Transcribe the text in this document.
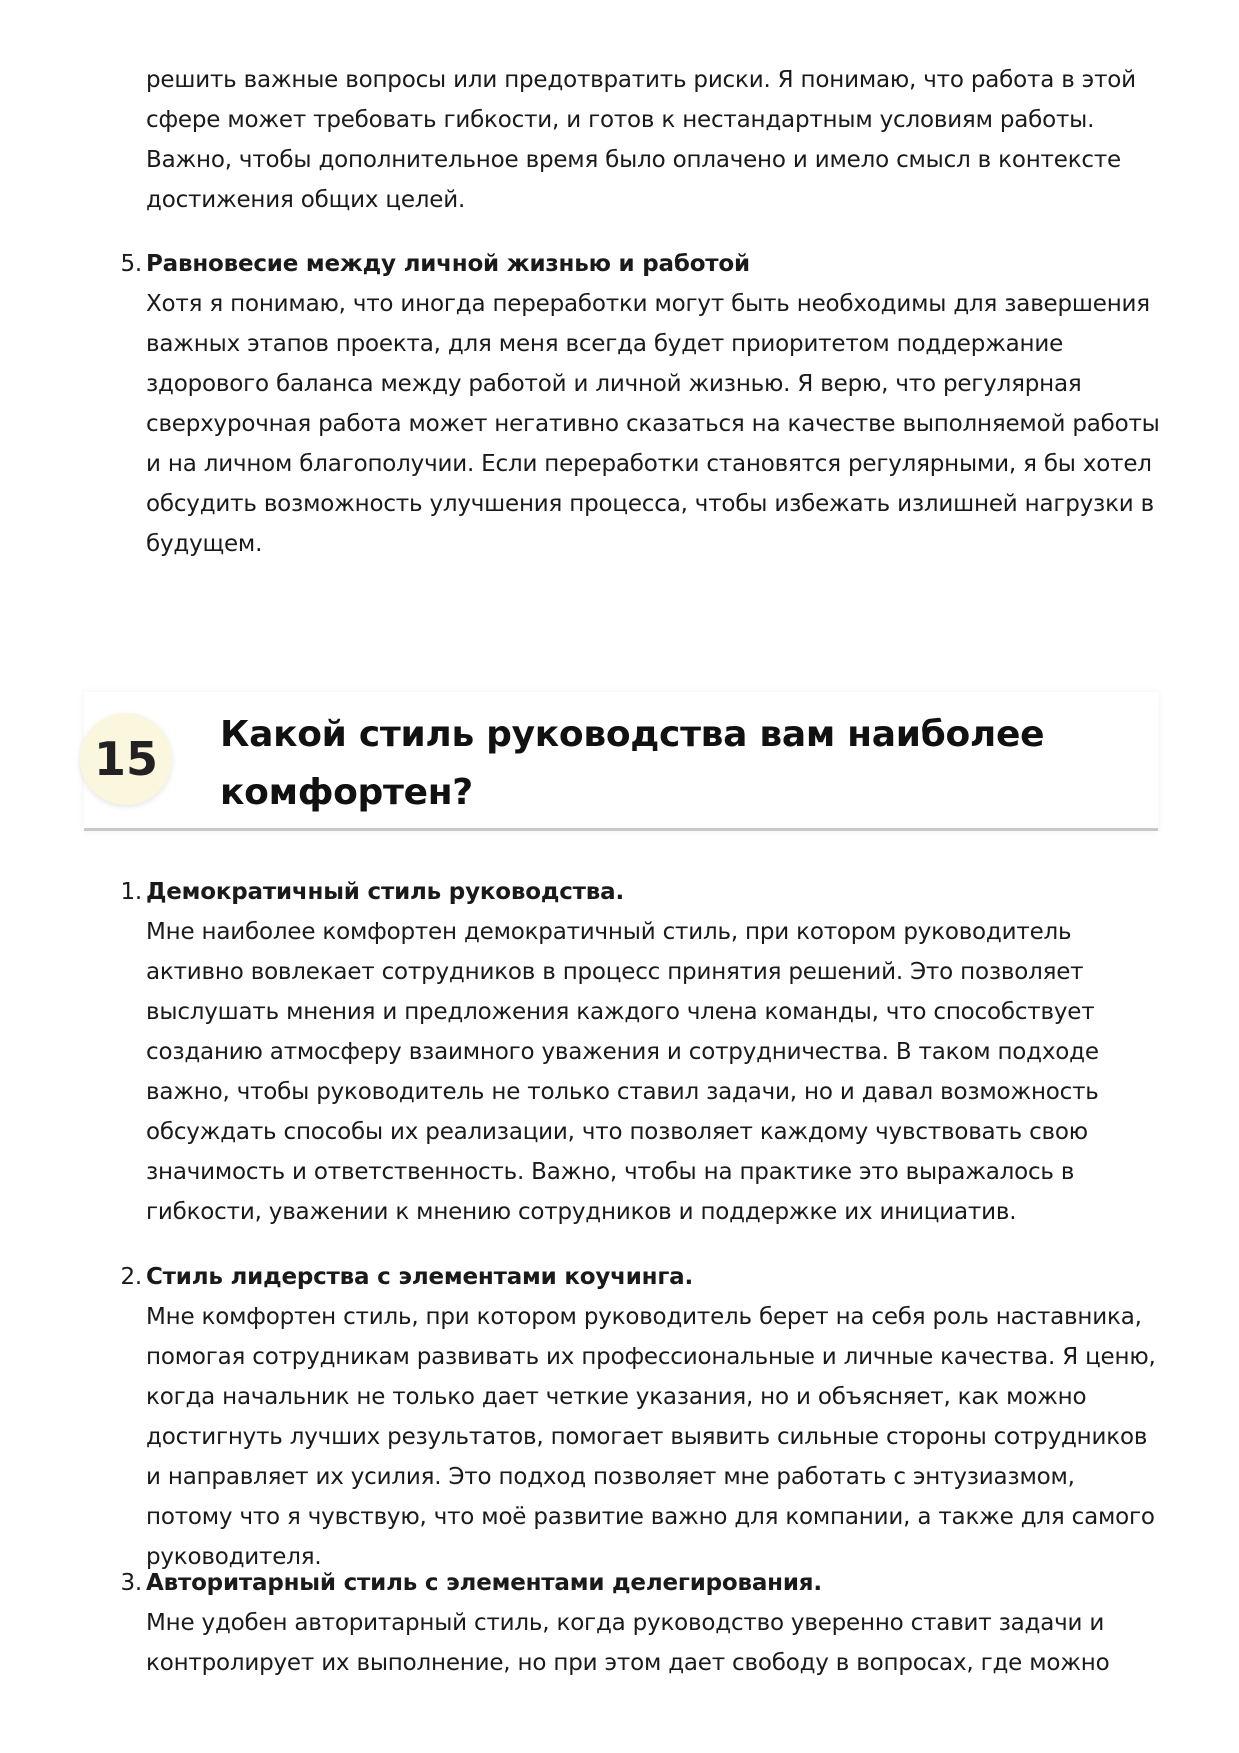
решить важные вопросы или предотвратить риски. Я понимаю, что работа в этой сфере может требовать гибкости, и готов к нестандартным условиям работы. Важно, чтобы дополнительное время было оплачено и имело смысл в контексте достижения общих целей.
5. Равновесие между личной жизнью и работой
Хотя я понимаю, что иногда переработки могут быть необходимы для завершения важных этапов проекта, для меня всегда будет приоритетом поддержание здорового баланса между работой и личной жизнью. Я верю, что регулярная сверхурочная работа может негативно сказаться на качестве выполняемой работы и на личном благополучии. Если переработки становятся регулярными, я бы хотел обсудить возможность улучшения процесса, чтобы избежать излишней нагрузки в будущем.
15	Какой стиль руководства вам наиболее комфортен?
1. Демократичный стиль руководства.
Мне наиболее комфортен демократичный стиль, при котором руководитель активно вовлекает сотрудников в процесс принятия решений. Это позволяет выслушать мнения и предложения каждого члена команды, что способствует созданию атмосферу взаимного уважения и сотрудничества. В таком подходе важно, чтобы руководитель не только ставил задачи, но и давал возможность обсуждать способы их реализации, что позволяет каждому чувствовать свою значимость и ответственность. Важно, чтобы на практике это выражалось в гибкости, уважении к мнению сотрудников и поддержке их инициатив.
2. Стиль лидерства с элементами коучинга.
Мне комфортен стиль, при котором руководитель берет на себя роль наставника, помогая сотрудникам развивать их профессиональные и личные качества. Я ценю, когда начальник не только дает четкие указания, но и объясняет, как можно достигнуть лучших результатов, помогает выявить сильные стороны сотрудников и направляет их усилия. Это подход позволяет мне работать с энтузиазмом, потому что я чувствую, что моё развитие важно для компании, а также для самого руководителя.
3. Авторитарный стиль с элементами делегирования.
Мне удобен авторитарный стиль, когда руководство уверенно ставит задачи и контролирует их выполнение, но при этом дает свободу в вопросах, где можно
